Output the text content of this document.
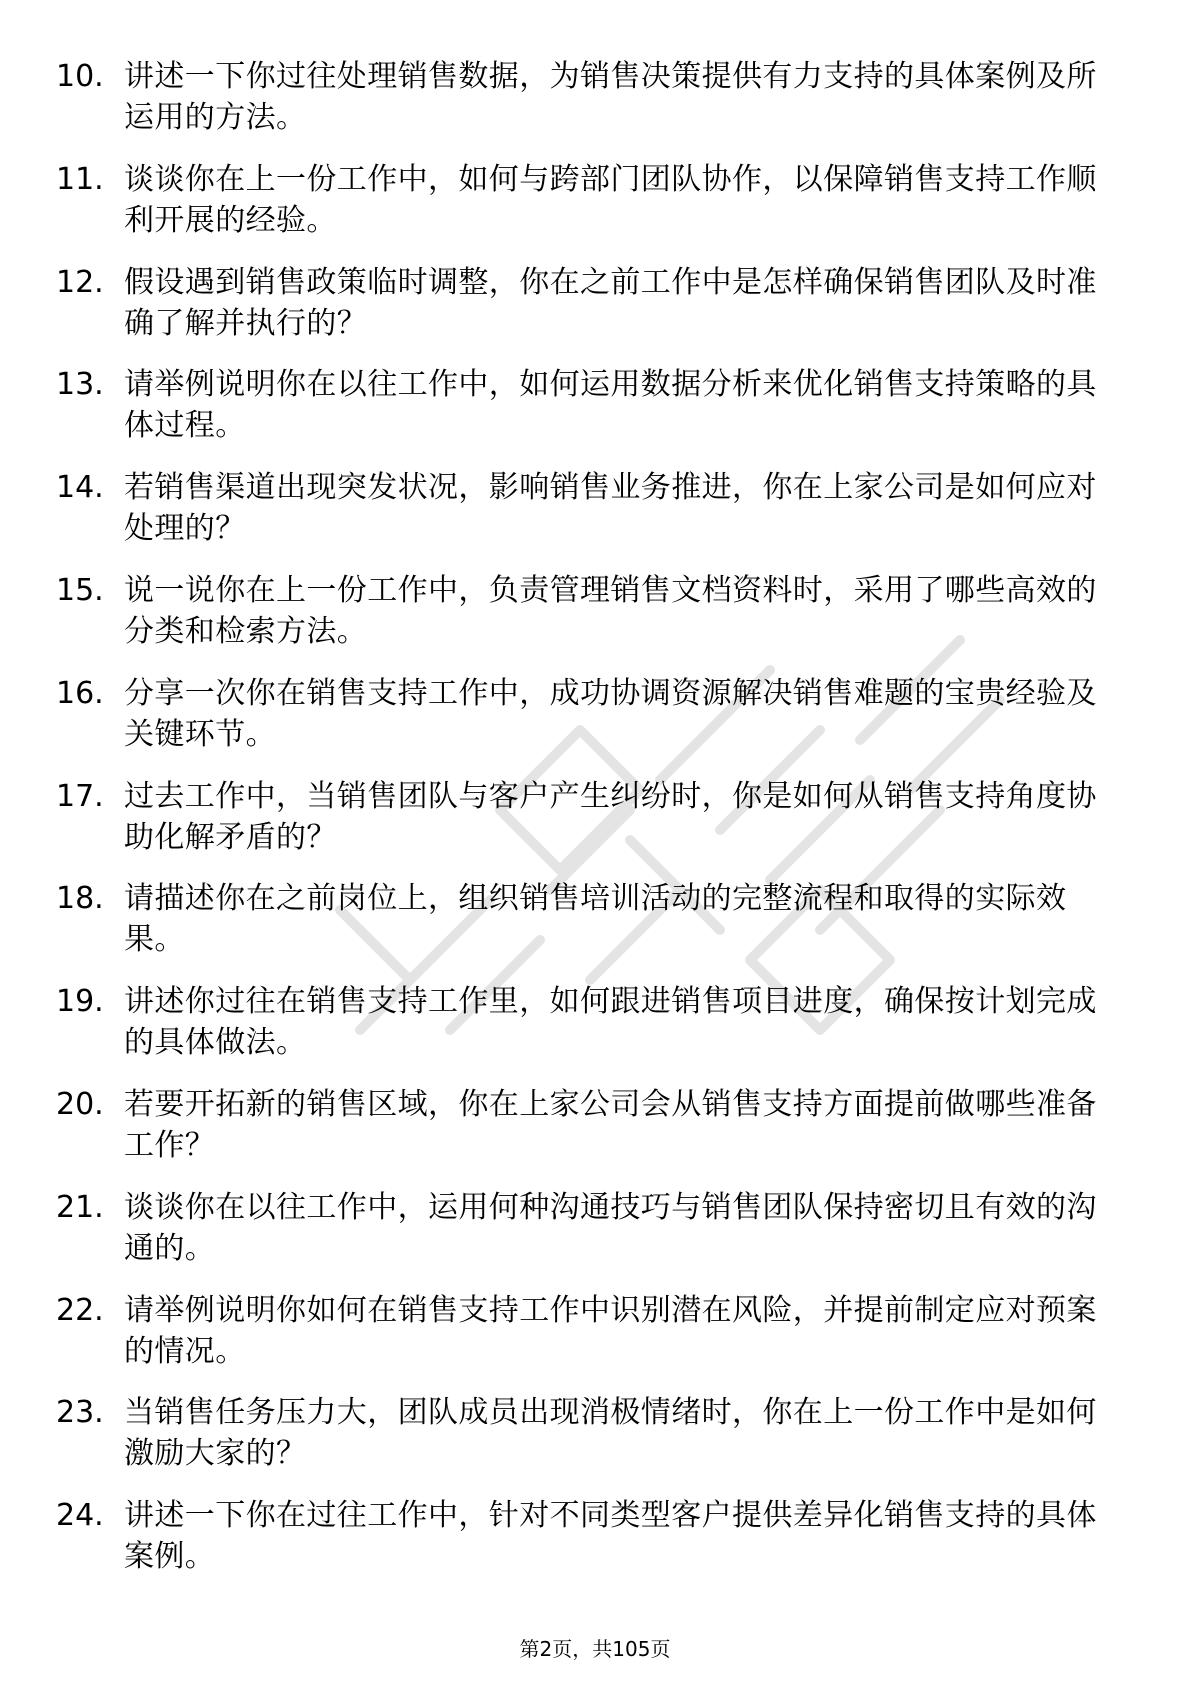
10. 讲述一下你过往处理销售数据，为销售决策提供有力支持的具体案例及所运用的方法。
11. 谈谈你在上一份工作中，如何与跨部门团队协作，以保障销售支持工作顺利开展的经验。
12. 假设遇到销售政策临时调整，你在之前工作中是怎样确保销售团队及时准确了解并执行的？
13. 请举例说明你在以往工作中，如何运用数据分析来优化销售支持策略的具体过程。
14. 若销售渠道出现突发状况，影响销售业务推进，你在上家公司是如何应对处理的？
15. 说一说你在上一份工作中，负责管理销售文档资料时，采用了哪些高效的分类和检索方法。
16. 分享一次你在销售支持工作中，成功协调资源解决销售难题的宝贵经验及关键环节。
17. 过去工作中，当销售团队与客户产生纠纷时，你是如何从销售支持角度协助化解矛盾的？
18. 请描述你在之前岗位上，组织销售培训活动的完整流程和取得的实际效果。
19. 讲述你过往在销售支持工作里，如何跟进销售项目进度，确保按计划完成的具体做法。
20. 若要开拓新的销售区域，你在上家公司会从销售支持方面提前做哪些准备工作？
21. 谈谈你在以往工作中，运用何种沟通技巧与销售团队保持密切且有效的沟通的。
22. 请举例说明你如何在销售支持工作中识别潜在风险，并提前制定应对预案的情况。
23. 当销售任务压力大，团队成员出现消极情绪时，你在上一份工作中是如何激励大家的？
24. 讲述一下你在过往工作中，针对不同类型客户提供差异化销售支持的具体案例。
第2页，共105页
